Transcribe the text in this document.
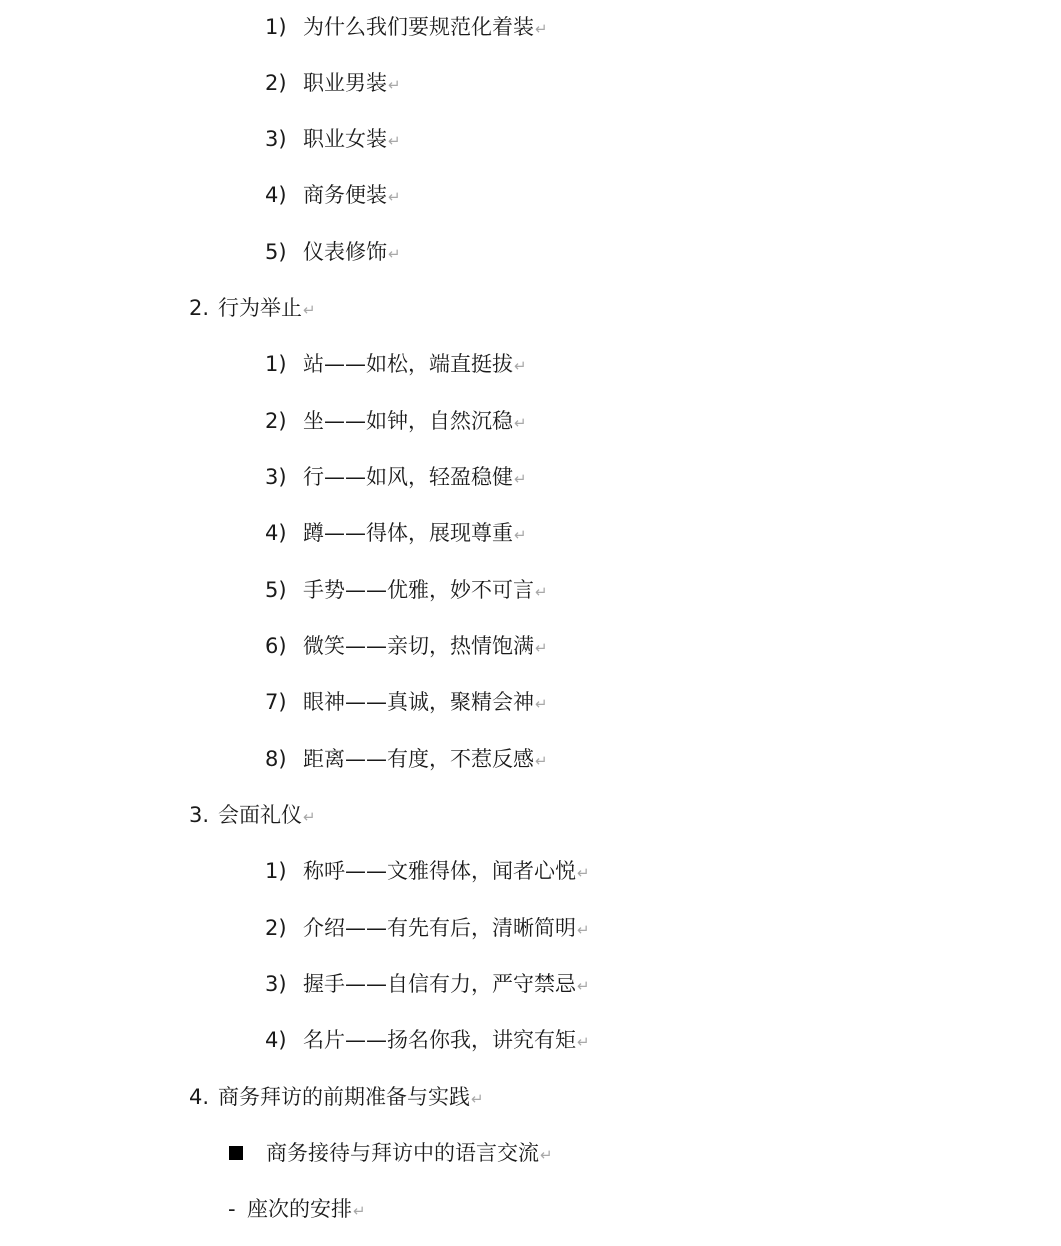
1) 为什么我们要规范化着装 ↵
2) 职业男装 ↵
3) 职业女装 ↵
4) 商务便装 ↵
5) 仪表修饰 ↵
2. 行为举止 ↵
1) 站——如松，端直挺拔 ↵
2) 坐——如钟，自然沉稳 ↵
3) 行——如风，轻盈稳健 ↵
4) 蹲——得体，展现尊重 ↵
5) 手势——优雅，妙不可言 ↵
6) 微笑——亲切，热情饱满 ↵
7) 眼神——真诚，聚精会神 ↵
8) 距离——有度，不惹反感 ↵
3. 会面礼仪 ↵
1) 称呼——文雅得体，闻者心悦 ↵
2) 介绍——有先有后，清晰简明 ↵
3) 握手——自信有力，严守禁忌 ↵
4) 名片——扬名你我，讲究有矩 ↵
4. 商务拜访的前期准备与实践 ↵
商务接待与拜访中的语言交流 ↵
- 座次的安排 ↵
